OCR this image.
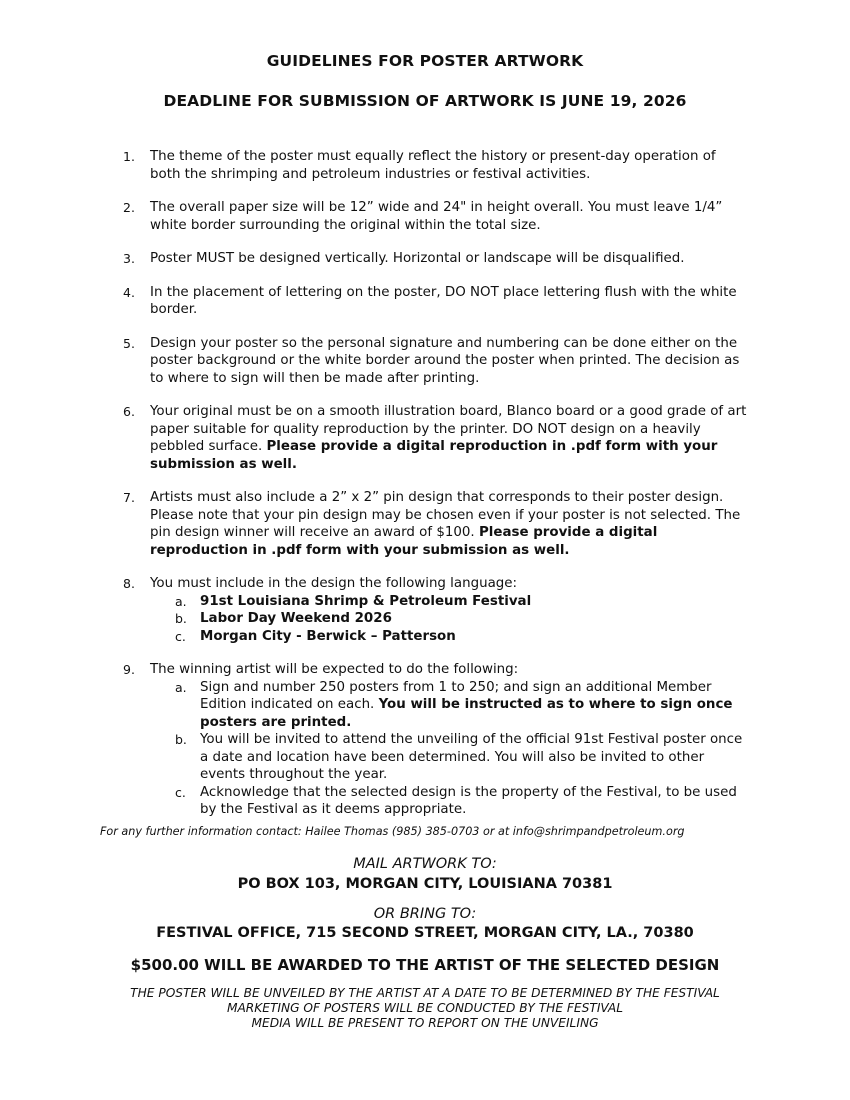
GUIDELINES FOR POSTER ARTWORK
DEADLINE FOR SUBMISSION OF ARTWORK IS JUNE 19, 2026
1. The theme of the poster must equally reflect the history or present-day operation of both the shrimping and petroleum industries or festival activities.
2. The overall paper size will be 12” wide and 24" in height overall. You must leave 1/4” white border surrounding the original within the total size.
3. Poster MUST be designed vertically. Horizontal or landscape will be disqualified.
4. In the placement of lettering on the poster, DO NOT place lettering flush with the white border.
5. Design your poster so the personal signature and numbering can be done either on the poster background or the white border around the poster when printed. The decision as to where to sign will then be made after printing.
6. Your original must be on a smooth illustration board, Blanco board or a good grade of art paper suitable for quality reproduction by the printer. DO NOT design on a heavily pebbled surface. Please provide a digital reproduction in .pdf form with your submission as well.
7. Artists must also include a 2” x 2” pin design that corresponds to their poster design. Please note that your pin design may be chosen even if your poster is not selected. The pin design winner will receive an award of $100. Please provide a digital reproduction in .pdf form with your submission as well.
8. You must include in the design the following language:
a. 91st Louisiana Shrimp & Petroleum Festival
b. Labor Day Weekend 2026
c. Morgan City - Berwick – Patterson
9. The winning artist will be expected to do the following:
a. Sign and number 250 posters from 1 to 250; and sign an additional Member Edition indicated on each. You will be instructed as to where to sign once posters are printed.
b. You will be invited to attend the unveiling of the official 91st Festival poster once a date and location have been determined. You will also be invited to other events throughout the year.
c. Acknowledge that the selected design is the property of the Festival, to be used by the Festival as it deems appropriate.
For any further information contact: Hailee Thomas (985) 385-0703 or at info@shrimpandpetroleum.org
MAIL ARTWORK TO:
PO BOX 103, MORGAN CITY, LOUISIANA 70381
OR BRING TO:
FESTIVAL OFFICE, 715 SECOND STREET, MORGAN CITY, LA., 70380
$500.00 WILL BE AWARDED TO THE ARTIST OF THE SELECTED DESIGN
THE POSTER WILL BE UNVEILED BY THE ARTIST AT A DATE TO BE DETERMINED BY THE FESTIVAL
MARKETING OF POSTERS WILL BE CONDUCTED BY THE FESTIVAL
MEDIA WILL BE PRESENT TO REPORT ON THE UNVEILING
